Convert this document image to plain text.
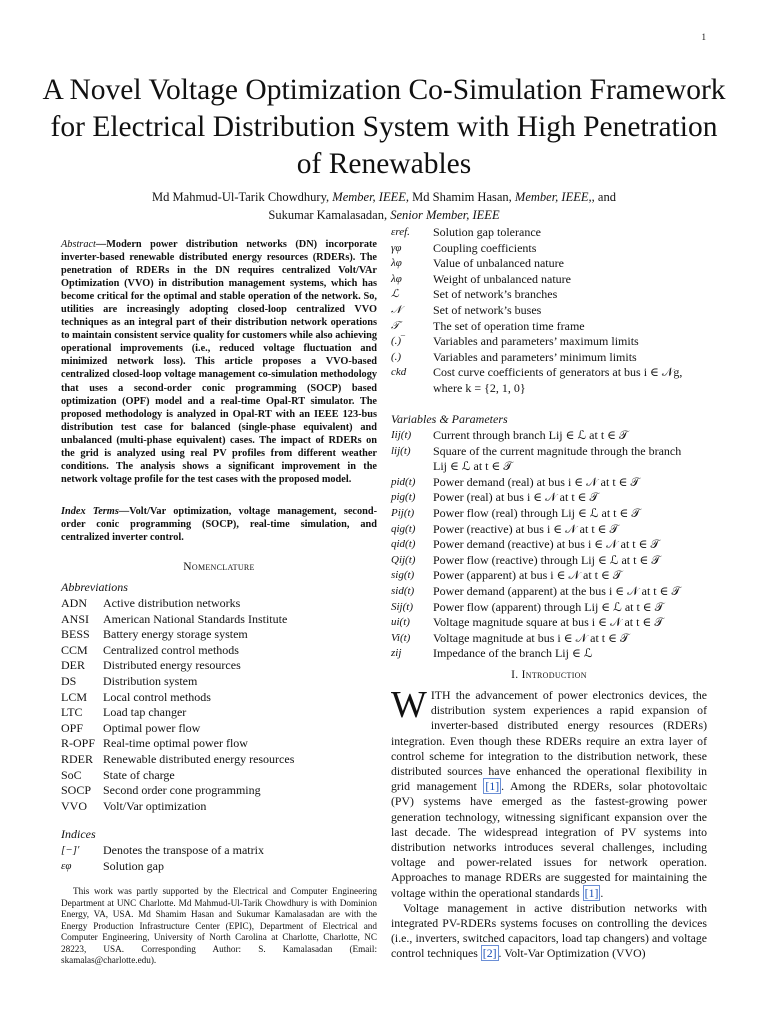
1
A Novel Voltage Optimization Co-Simulation Framework for Electrical Distribution System with High Penetration of Renewables
Md Mahmud-Ul-Tarik Chowdhury, Member, IEEE, Md Shamim Hasan, Member, IEEE,, and
Sukumar Kamalasadan, Senior Member, IEEE
Abstract—Modern power distribution networks (DN) incorporate inverter-based renewable distributed energy resources (RDERs). The penetration of RDERs in the DN requires centralized Volt/VAr Optimization (VVO) in distribution management systems, which has become critical for the optimal and stable operation of the network. So, utilities are increasingly adopting closed-loop centralized VVO techniques as an integral part of their distribution network operations to maintain consistent service quality for customers while also achieving operational improvements (i.e., reduced voltage fluctuation and minimized network loss). This article proposes a VVO-based centralized closed-loop voltage management co-simulation methodology that uses a second-order conic programming (SOCP) based optimization (OPF) model and a real-time Opal-RT simulator. The proposed methodology is analyzed in Opal-RT with an IEEE 123-bus distribution test case for balanced (single-phase equivalent) and unbalanced (multi-phase equivalent) cases. The impact of RDERs on the grid is analyzed using real PV profiles from different weather conditions. The analysis shows a significant improvement in the network voltage profile for the test cases with the proposed model.
Index Terms—Volt/Var optimization, voltage management, second-order conic programming (SOCP), real-time simulation, and centralized inverter control.
Nomenclature
Abbreviations
ADN	Active distribution networks
ANSI	American National Standards Institute
BESS	Battery energy storage system
CCM	Centralized control methods
DER	Distributed energy resources
DS	Distribution system
LCM	Local control methods
LTC	Load tap changer
OPF	Optimal power flow
R-OPF Real-time optimal power flow
RDER Renewable distributed energy resources
SoC	State of charge
SOCP Second order cone programming
VVO	Volt/Var optimization
Indices
[−]′	Denotes the transpose of a matrix
εφ	Solution gap
This work was partly supported by the Electrical and Computer Engineering Department at UNC Charlotte. Md Mahmud-Ul-Tarik Chowdhury is with Dominion Energy, VA, USA. Md Shamim Hasan and Sukumar Kamalasadan are with the Energy Production Infrastructure Center (EPIC), Department of Electrical and Computer Engineering, University of North Carolina at Charlotte, Charlotte, NC 28223, USA. Corresponding Author: S. Kamalasadan (Email: skamalas@charlotte.edu).
εref.	Solution gap tolerance
γφ	Coupling coefficients
λφ	Value of unbalanced nature
λφ	Weight of unbalanced nature
ℒ	Set of network’s branches
𝒩	Set of network’s buses
𝒯	The set of operation time frame
(.)‾	Variables and parameters’ maximum limits
(.)	Variables and parameters’ minimum limits
ckd	Cost curve coefficients of generators at bus i ∈ 𝒩g,
where k = {2, 1, 0}
Variables & Parameters
Iij(t)	Current through branch Lij ∈ ℒ at t ∈ 𝒯
lij(t)	Square of the current magnitude through the branch
Lij ∈ ℒ at t ∈ 𝒯
pid(t)	Power demand (real) at bus i ∈ 𝒩 at t ∈ 𝒯
pig(t)	Power (real) at bus i ∈ 𝒩 at t ∈ 𝒯
Pij(t)	Power flow (real) through Lij ∈ ℒ at t ∈ 𝒯
qig(t)	Power (reactive) at bus i ∈ 𝒩 at t ∈ 𝒯
qid(t)	Power demand (reactive) at bus i ∈ 𝒩 at t ∈ 𝒯
Qij(t)	Power flow (reactive) through Lij ∈ ℒ at t ∈ 𝒯
sig(t)	Power (apparent) at bus i ∈ 𝒩 at t ∈ 𝒯
sid(t)	Power demand (apparent) at the bus i ∈ 𝒩 at t ∈ 𝒯
Sij(t)	Power flow (apparent) through Lij ∈ ℒ at t ∈ 𝒯
ui(t)	Voltage magnitude square at bus i ∈ 𝒩 at t ∈ 𝒯
Vi(t)	Voltage magnitude at bus i ∈ 𝒩 at t ∈ 𝒯
zij	Impedance of the branch Lij ∈ ℒ
I. Introduction
WITH the advancement of power electronics devices, the distribution system experiences a rapid expansion of inverter-based distributed energy resources (RDERs) integration. Even though these RDERs require an extra layer of control scheme for integration to the distribution network, these distributed sources have enhanced the operational flexibility in grid management [1] . Among the RDERs, solar photovoltaic (PV) systems have emerged as the fastest-growing power generation technology, witnessing significant expansion over the last decade. The widespread integration of PV systems into distribution networks introduces several challenges, including voltage and power-related issues for network operation. Approaches to manage RDERs are suggested for maintaining the voltage within the operational standards [1] .

Voltage management in active distribution networks with integrated PV-RDERs systems focuses on controlling the devices (i.e., inverters, switched capacitors, load tap changers) and voltage control techniques [2] . Volt-Var Optimization (VVO)
